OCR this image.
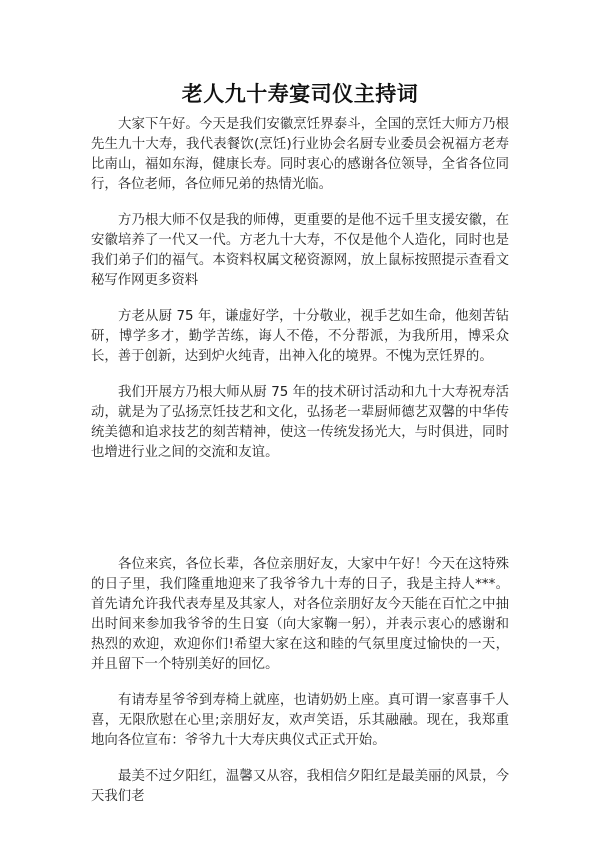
老人九十寿宴司仪主持词

大家下午好。今天是我们安徽烹饪界泰斗，全国的烹饪大师方乃根先生九十大寿，我代表餐饮(烹饪)行业协会名厨专业委员会祝福方老寿比南山，福如东海，健康长寿。同时衷心的感谢各位领导，全省各位同行，各位老师，各位师兄弟的热情光临。

方乃根大师不仅是我的师傅，更重要的是他不远千里支援安徽，在安徽培养了一代又一代。方老九十大寿，不仅是他个人造化，同时也是我们弟子们的福气。本资料权属文秘资源网，放上鼠标按照提示查看文秘写作网更多资料

方老从厨 75 年，谦虚好学，十分敬业，视手艺如生命，他刻苦钻研，博学多才，勤学苦练，诲人不倦，不分帮派，为我所用，博采众长，善于创新，达到炉火纯青，出神入化的境界。不愧为烹饪界的。

我们开展方乃根大师从厨 75 年的技术研讨活动和九十大寿祝寿活动，就是为了弘扬烹饪技艺和文化，弘扬老一辈厨师德艺双馨的中华传统美德和追求技艺的刻苦精神，使这一传统发扬光大，与时俱进，同时也增进行业之间的交流和友谊。

各位来宾，各位长辈，各位亲朋好友，大家中午好！今天在这特殊的日子里，我们隆重地迎来了我爷爷九十寿的日子，我是主持人***。首先请允许我代表寿星及其家人，对各位亲朋好友今天能在百忙之中抽出时间来参加我爷爷的生日宴（向大家鞠一躬），并表示衷心的感谢和热烈的欢迎，欢迎你们!希望大家在这和睦的气氛里度过愉快的一天，并且留下一个特别美好的回忆。

有请寿星爷爷到寿椅上就座，也请奶奶上座。真可谓一家喜事千人喜，无限欣慰在心里;亲朋好友，欢声笑语，乐其融融。现在，我郑重地向各位宣布：爷爷九十大寿庆典仪式正式开始。

最美不过夕阳红，温馨又从容，我相信夕阳红是最美丽的风景，今天我们老
